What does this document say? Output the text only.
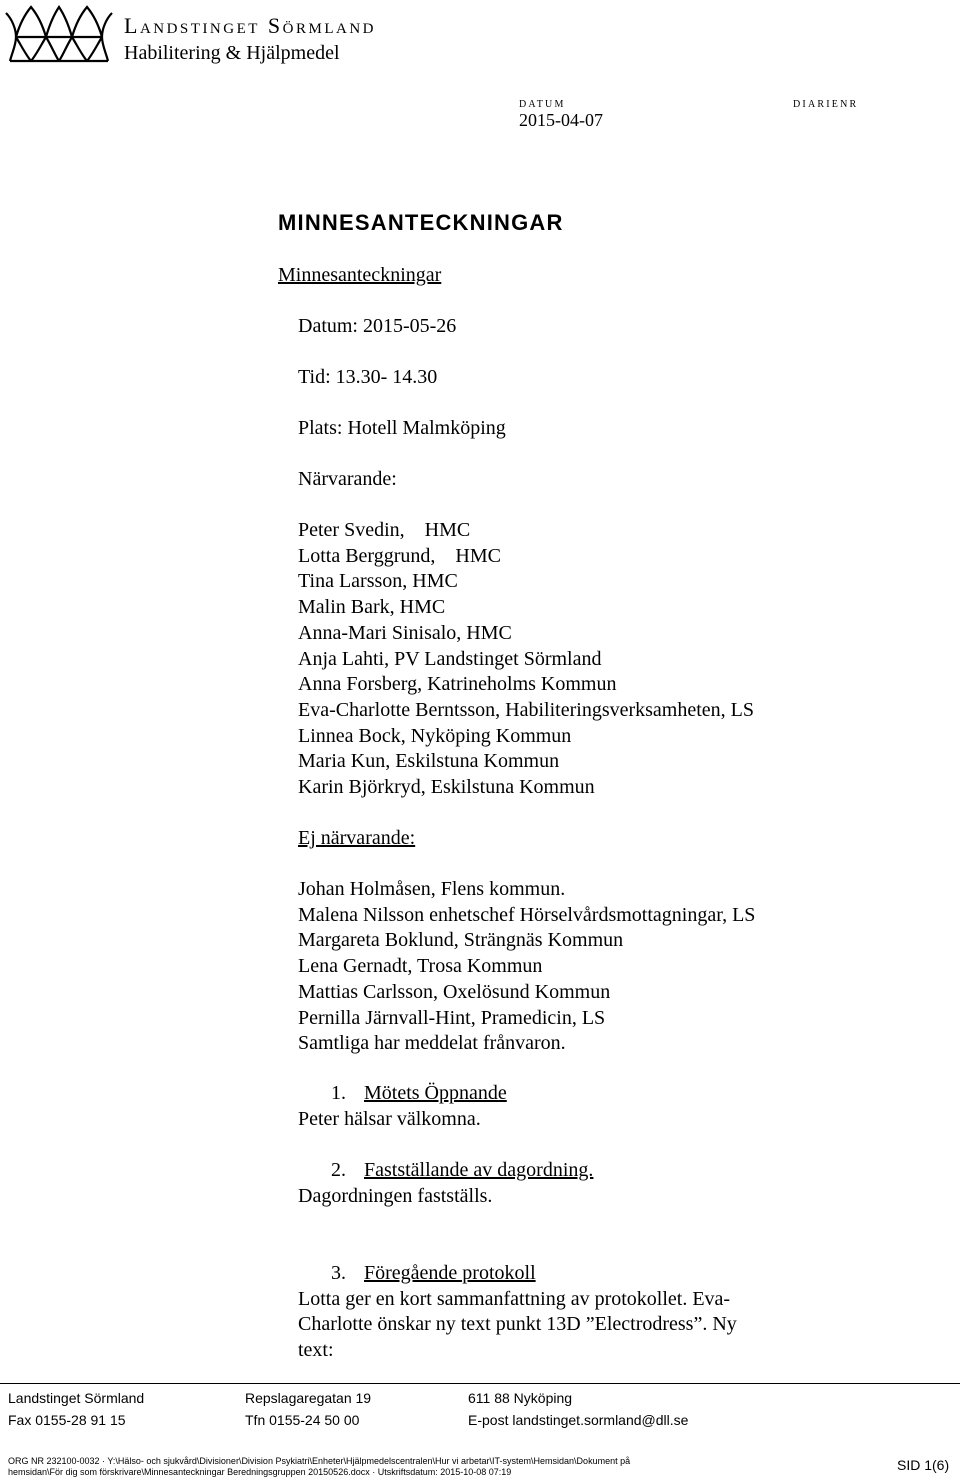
Landstinget Sörmland
Habilitering & Hjälpmedel
DATUM	DIARIENR
2015-04-07
MINNESANTECKNINGAR
Minnesanteckningar
Datum: 2015-05-26
Tid: 13.30- 14.30
Plats: Hotell Malmköping
Närvarande:
Peter Svedin,    HMC
Lotta Berggrund,    HMC
Tina Larsson, HMC
Malin Bark, HMC
Anna-Mari Sinisalo, HMC
Anja Lahti, PV Landstinget Sörmland
Anna Forsberg, Katrineholms Kommun
Eva-Charlotte Berntsson, Habiliteringsverksamheten, LS
Linnea Bock, Nyköping Kommun
Maria Kun, Eskilstuna Kommun
Karin Björkryd, Eskilstuna Kommun
Ej närvarande:
Johan Holmåsen, Flens kommun.
Malena Nilsson enhetschef Hörselvårdsmottagningar, LS
Margareta Boklund, Strängnäs Kommun
Lena Gernadt, Trosa Kommun
Mattias Carlsson, Oxelösund Kommun
Pernilla Järnvall-Hint, Pramedicin, LS
Samtliga har meddelat frånvaron.
1. Mötets Öppnande
Peter hälsar välkomna.
2. Fastställande av dagordning.
Dagordningen fastställs.
3. Föregående protokoll
Lotta ger en kort sammanfattning av protokollet. Eva-
Charlotte önskar ny text punkt 13D ”Electrodress”. Ny
text:
Landstinget Sörmland	Repslagaregatan 19	611 88 Nyköping
Fax 0155-28 91 15	Tfn 0155-24 50 00	E-post landstinget.sormland@dll.se
ORG NR 232100-0032 · Y:\Hälso- och sjukvård\Divisioner\Division Psykiatri\Enheter\Hjälpmedelscentralen\Hur vi arbetar\IT-system\Hemsidan\Dokument på
hemsidan\För dig som förskrivare\Minnesanteckningar Beredningsgruppen 20150526.docx · Utskriftsdatum: 2015-10-08 07:19	SID 1(6)
